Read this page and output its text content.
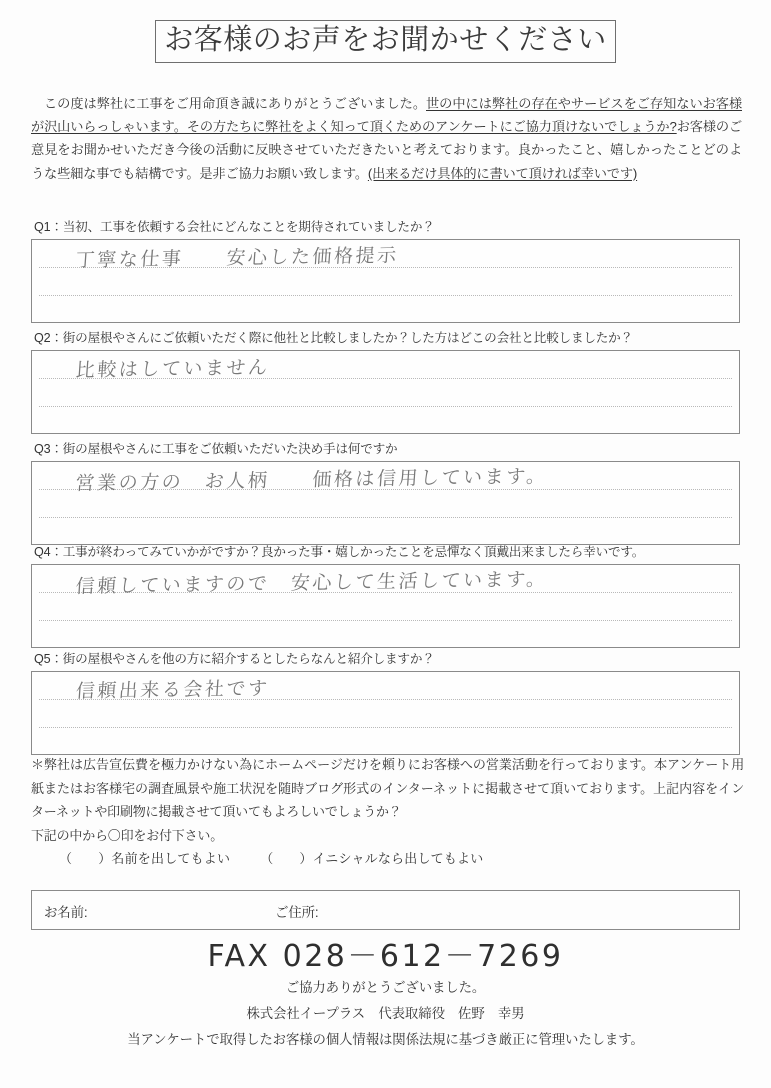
お客様のお声をお聞かせください
この度は弊社に工事をご用命頂き誠にありがとうございました。世の中には弊社の存在やサービスをご存知ないお客様が沢山いらっしゃいます。その方たちに弊社をよく知って頂くためのアンケートにご協力頂けないでしょうか?お客様のご意見をお聞かせいただき今後の活動に反映させていただきたいと考えております。良かったこと、嬉しかったことどのような些細な事でも結構です。是非ご協力お願い致します。(出来るだけ具体的に書いて頂ければ幸いです)
Q1：当初、工事を依頼する会社にどんなことを期待されていましたか？
丁寧な仕事　　安心した価格提示
Q2：街の屋根やさんにご依頼いただく際に他社と比較しましたか？した方はどこの会社と比較しましたか？
比較はしていません
Q3：街の屋根やさんに工事をご依頼いただいた決め手は何ですか
営業の方の　お人柄　　価格は信用しています。
Q4：工事が終わってみていかがですか？良かった事・嬉しかったことを忌憚なく頂戴出来ましたら幸いです。
信頼していますので　安心して生活しています。
Q5：街の屋根やさんを他の方に紹介するとしたらなんと紹介しますか？
信頼出来る会社です
＊弊社は広告宣伝費を極力かけない為にホームページだけを頼りにお客様への営業活動を行っております。本アンケート用紙またはお客様宅の調査風景や施工状況を随時ブログ形式のインターネットに掲載させて頂いております。上記内容をインターネットや印刷物に掲載させて頂いてもよろしいでしょうか？
下記の中から〇印をお付下さい。
（ ）名前を出してもよい （ ）イニシャルなら出してもよい
お名前:	ご住所:
FAX 028－612－7269
ご協力ありがとうございました。
株式会社イープラス　代表取締役　佐野　幸男
当アンケートで取得したお客様の個人情報は関係法規に基づき厳正に管理いたします。
